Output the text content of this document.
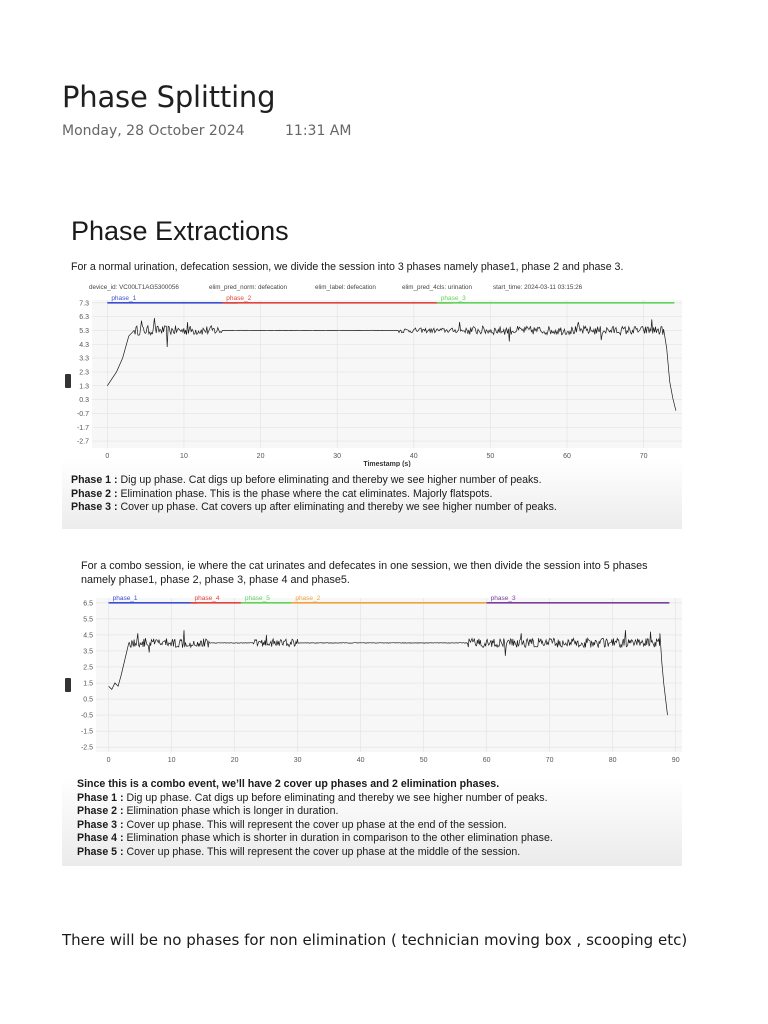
Phase Splitting
Monday, 28 October 2024	11:31 AM
Phase Extractions
For a normal urination, defecation session, we divide the session into 3 phases namely phase1, phase 2 and phase 3.
device_id: VC00LT1AG5300056	elim_pred_norm: defecation	elim_label: defecation	elim_pred_4cls: urination	start_time: 2024-03-11 03:15:26
7.3
6.3
5.3
4.3
3.3
2.3
1.3
0.3
-0.7
-1.7
-2.7
0	10	20	30	40	50	60	70
Timestamp (s)
phase_1	phase_2	phase_3
Phase 1 : Dig up phase. Cat digs up before eliminating and thereby we see higher number of peaks.
Phase 2 : Elimination phase. This is the phase where the cat eliminates. Majorly flatspots.
Phase 3 : Cover up phase. Cat covers up after eliminating and thereby we see higher number of peaks.
For a combo session, ie where the cat urinates and defecates in one session, we then divide the session into 5 phases namely phase1, phase 2, phase 3, phase 4 and phase5.
6.5
5.5
4.5
3.5
2.5
1.5
0.5
-0.5
-1.5
-2.5
0	10	20	30	40	50	60	70	80	90
phase_1	phase_4	phase_5	phase_2	phase_3
Since this is a combo event, we’ll have 2 cover up phases and 2 elimination phases.
Phase 1 : Dig up phase. Cat digs up before eliminating and thereby we see higher number of peaks.
Phase 2 : Elimination phase which is longer in duration.
Phase 3 : Cover up phase. This will represent the cover up phase at the end of the session.
Phase 4 : Elimination phase which is shorter in duration in comparison to the other elimination phase.
Phase 5 : Cover up phase. This will represent the cover up phase at the middle of the session.

There will be no phases for non elimination ( technician moving box , scooping etc)
